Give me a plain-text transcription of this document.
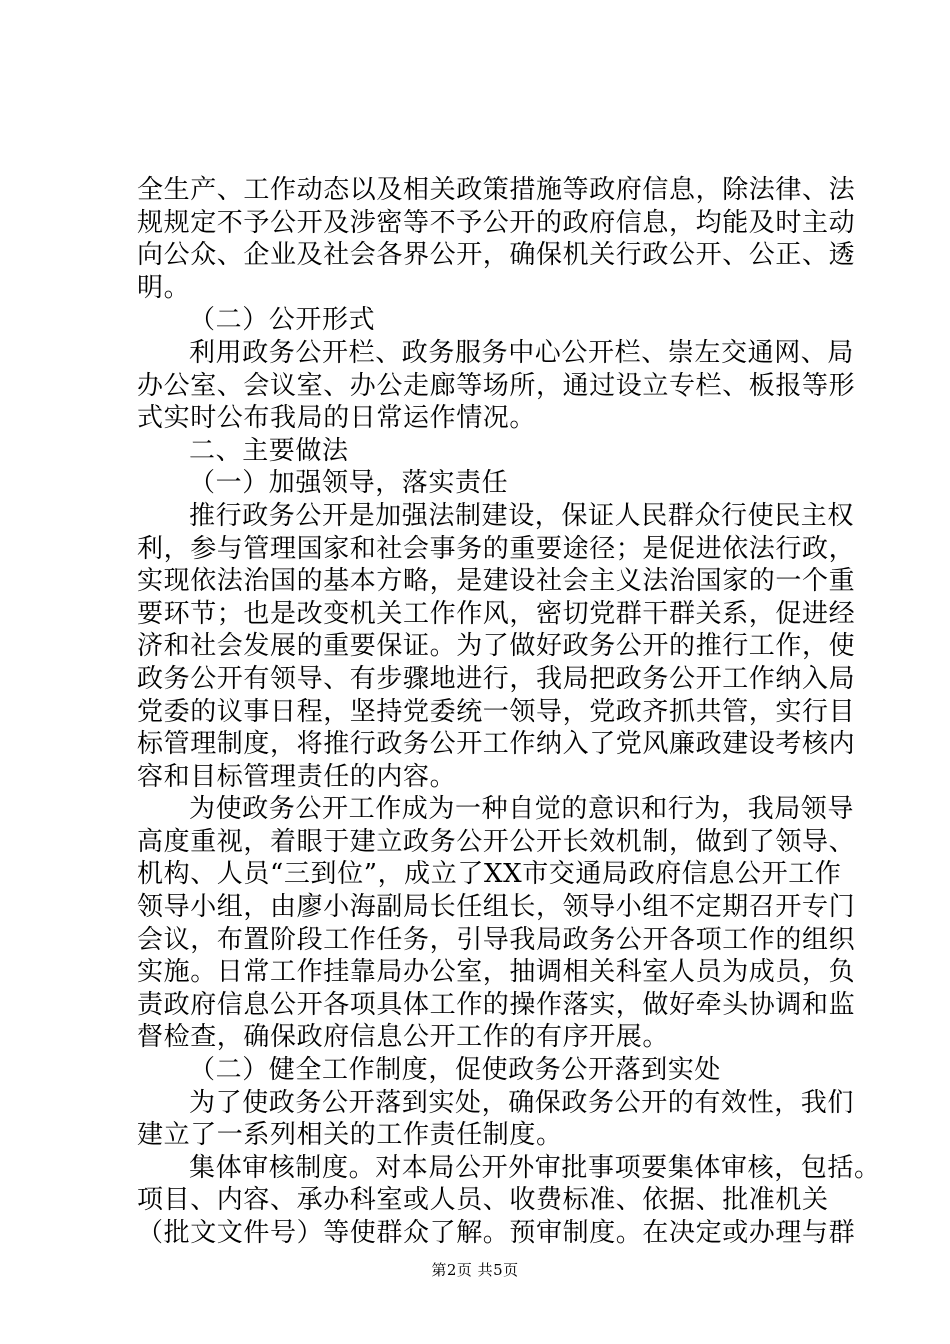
全生产、工作动态以及相关政策措施等政府信息，除法律、法
规规定不予公开及涉密等不予公开的政府信息，均能及时主动
向公众、企业及社会各界公开，确保机关行政公开、公正、透
明。
（二）公开形式
利用政务公开栏、政务服务中心公开栏、崇左交通网、局
办公室、会议室、办公走廊等场所，通过设立专栏、板报等形
式实时公布我局的日常运作情况。
二、主要做法
（一）加强领导，落实责任
推行政务公开是加强法制建设，保证人民群众行使民主权
利，参与管理国家和社会事务的重要途径；是促进依法行政，
实现依法治国的基本方略，是建设社会主义法治国家的一个重
要环节；也是改变机关工作作风，密切党群干群关系，促进经
济和社会发展的重要保证。为了做好政务公开的推行工作，使
政务公开有领导、有步骤地进行，我局把政务公开工作纳入局
党委的议事日程，坚持党委统一领导，党政齐抓共管，实行目
标管理制度，将推行政务公开工作纳入了党风廉政建设考核内
容和目标管理责任的内容。
为使政务公开工作成为一种自觉的意识和行为，我局领导
高度重视，着眼于建立政务公开公开长效机制，做到了领导、
机构、人员“三到位”，成立了XX市交通局政府信息公开工作
领导小组，由廖小海副局长任组长，领导小组不定期召开专门
会议，布置阶段工作任务，引导我局政务公开各项工作的组织
实施。日常工作挂靠局办公室，抽调相关科室人员为成员，负
责政府信息公开各项具体工作的操作落实，做好牵头协调和监
督检查，确保政府信息公开工作的有序开展。
（二）健全工作制度，促使政务公开落到实处
为了使政务公开落到实处，确保政务公开的有效性，我们
建立了一系列相关的工作责任制度。
集体审核制度。对本局公开外审批事项要集体审核，包括。
项目、内容、承办科室或人员、收费标准、依据、批准机关
（批文文件号）等使群众了解。预审制度。在决定或办理与群
第2页 共5页
